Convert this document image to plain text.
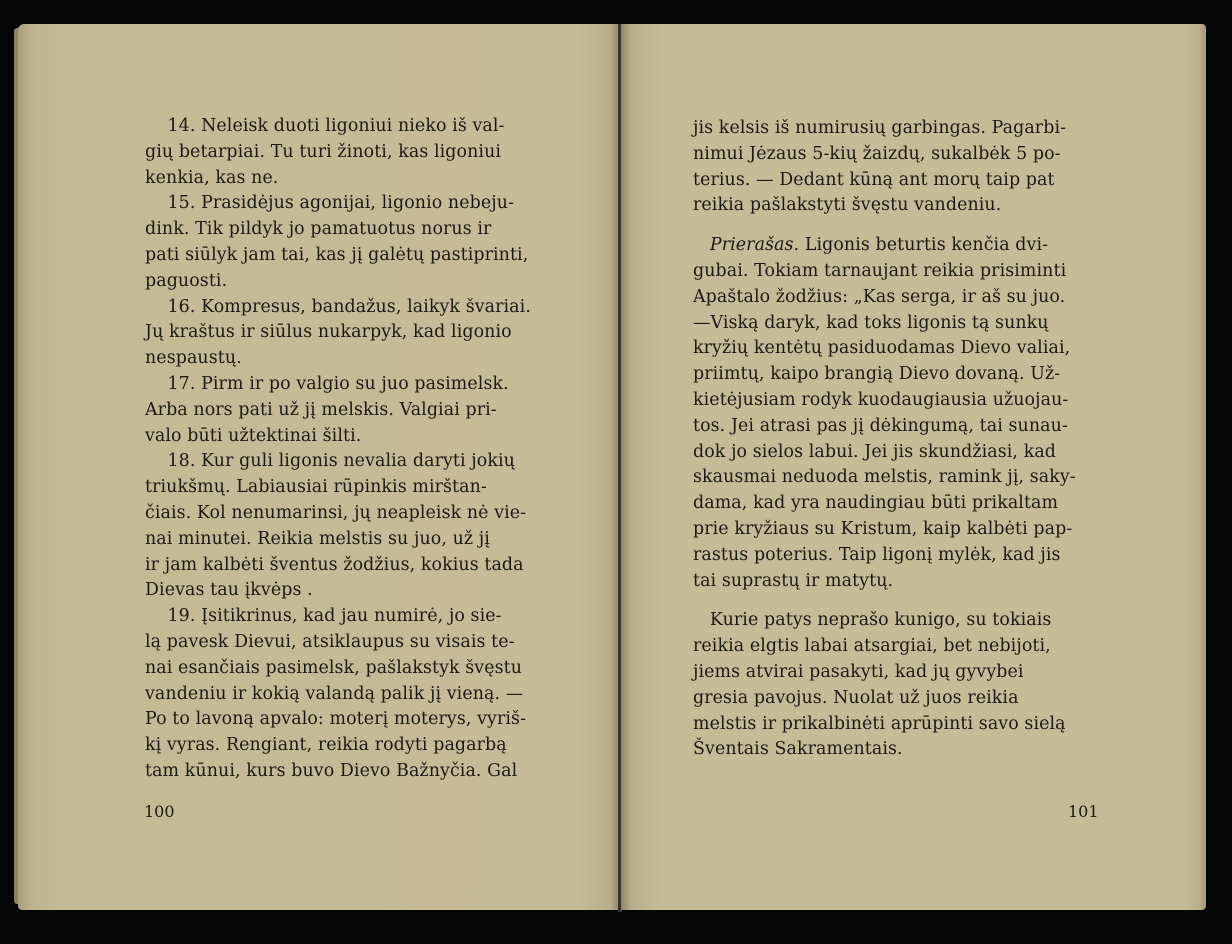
14. Neleisk duoti ligoniui nieko iš val-
gių betarpiai. Tu turi žinoti, kas ligoniui
kenkia, kas ne.
15. Prasidėjus agonijai, ligonio nebeju-
dink. Tik pildyk jo pamatuotus norus ir
pati siūlyk jam tai, kas jį galėtų pastiprinti,
paguosti.
16. Kompresus, bandažus, laikyk švariai.
Jų kraštus ir siūlus nukarpyk, kad ligonio
nespaustų.
17. Pirm ir po valgio su juo pasimelsk.
Arba nors pati už jį melskis. Valgiai pri-
valo būti užtektinai šilti.
18. Kur guli ligonis nevalia daryti jokių
triukšmų. Labiausiai rūpinkis mirštan-
čiais. Kol nenumarinsi, jų neapleisk nė vie-
nai minutei. Reikia melstis su juo, už jį
ir jam kalbėti šventus žodžius, kokius tada
Dievas tau įkvėps .
19. Įsitikrinus, kad jau numirė, jo sie-
lą pavesk Dievui, atsiklaupus su visais te-
nai esančiais pasimelsk, pašlakstyk švęstu
vandeniu ir kokią valandą palik jį vieną. —
Po to lavoną apvalo: moterį moterys, vyriš-
kį vyras. Rengiant, reikia rodyti pagarbą
tam kūnui, kurs buvo Dievo Bažnyčia. Gal
100
jis kelsis iš numirusių garbingas. Pagarbi-
nimui Jėzaus 5-kių žaizdų, sukalbėk 5 po-
terius. — Dedant kūną ant morų taip pat
reikia pašlakstyti švęstu vandeniu.
Prierašas. Ligonis beturtis kenčia dvi-
gubai. Tokiam tarnaujant reikia prisiminti
Apaštalo žodžius: „Kas serga, ir aš su juo.
—Viską daryk, kad toks ligonis tą sunkų
kryžių kentėtų pasiduodamas Dievo valiai,
priimtų, kaipo brangią Dievo dovaną. Už-
kietėjusiam rodyk kuodaugiausia užuojau-
tos. Jei atrasi pas jį dėkingumą, tai sunau-
dok jo sielos labui. Jei jis skundžiasi, kad
skausmai neduoda melstis, ramink jį, saky-
dama, kad yra naudingiau būti prikaltam
prie kryžiaus su Kristum, kaip kalbėti pap-
rastus poterius. Taip ligonį mylėk, kad jis
tai suprastų ir matytų.
Kurie patys neprašo kunigo, su tokiais
reikia elgtis labai atsargiai, bet nebijoti,
jiems atvirai pasakyti, kad jų gyvybei
gresia pavojus. Nuolat už juos reikia
melstis ir prikalbinėti aprūpinti savo sielą
Šventais Sakramentais.
101
